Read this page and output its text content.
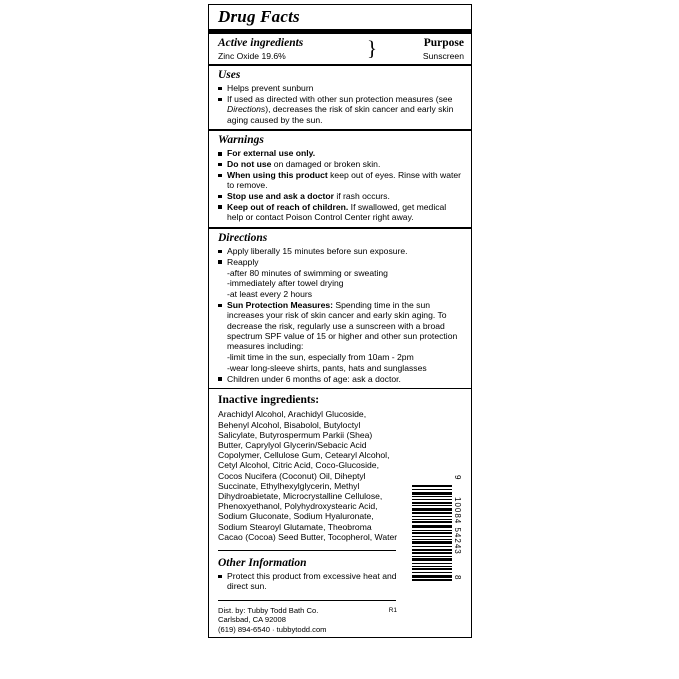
Drug Facts
Active ingredients
Zinc Oxide 19.6%	}	Purpose
Sunscreen
Uses
Helps prevent sunburn
If used as directed with other sun protection measures (see Directions), decreases the risk of skin cancer and early skin aging caused by the sun.
Warnings
For external use only.
Do not use on damaged or broken skin.
When using this product keep out of eyes. Rinse with water to remove.
Stop use and ask a doctor if rash occurs.
Keep out of reach of children. If swallowed, get medical help or contact Poison Control Center right away.
Directions
Apply liberally 15 minutes before sun exposure.
Reapply
-after 80 minutes of swimming or sweating
-immediately after towel drying
-at least every 2 hours
Sun Protection Measures: Spending time in the sun increases your risk of skin cancer and early skin aging. To decrease the risk, regularly use a sunscreen with a broad spectrum SPF value of 15 or higher and other sun protection measures including:
-limit time in the sun, especially from 10am - 2pm
-wear long-sleeve shirts, pants, hats and sunglasses
Children under 6 months of age: ask a doctor.
Inactive ingredients:
Arachidyl Alcohol, Arachidyl Glucoside, Behenyl Alcohol, Bisabolol, Butyloctyl Salicylate, Butyrospermum Parkii (Shea) Butter, Caprylyol Glycerin/Sebacic Acid Copolymer, Cellulose Gum, Cetearyl Alcohol, Cetyl Alcohol, Citric Acid, Coco-Glucoside, Cocos Nucifera (Coconut) Oil, Diheptyl Succinate, Ethylhexylglycerin, Methyl Dihydroabietate, Microcrystalline Cellulose, Phenoxyethanol, Polyhydroxystearic Acid, Sodium Gluconate, Sodium Hyaluronate, Sodium Stearoyl Glutamate, Theobroma Cacao (Cocoa) Seed Butter, Tocopherol, Water
Other Information
Protect this product from excessive heat and direct sun.
R1
Dist. by: Tubby Todd Bath Co.
Carlsbad, CA 92008
(619) 894-6540 · tubbytodd.com
8
10084 54243
9
